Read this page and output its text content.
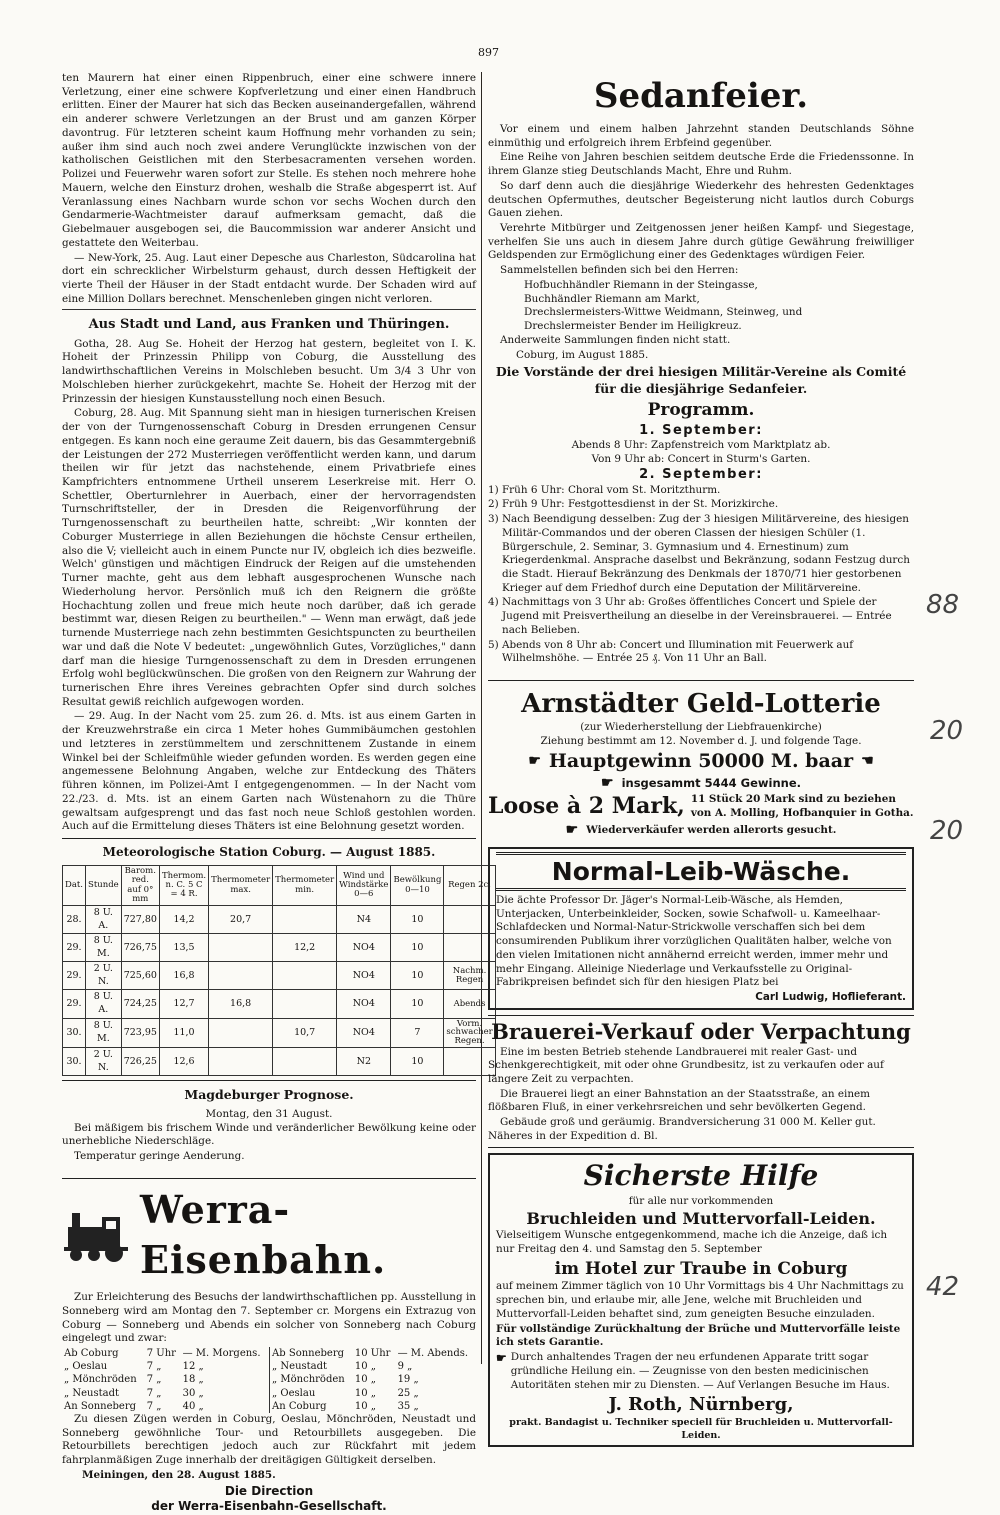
897

ten Maurern hat einer einen Rippenbruch, einer eine schwere innere Verletzung, einer eine schwere Kopfverletzung und einer einen Handbruch erlitten. Einer der Maurer hat sich das Becken auseinandergefallen, während ein anderer schwere Verletzungen an der Brust und am ganzen Körper davontrug. Für letzteren scheint kaum Hoffnung mehr vorhanden zu sein; außer ihm sind auch noch zwei andere Verunglückte inzwischen von der katholischen Geistlichen mit den Sterbesacramenten versehen worden. Polizei und Feuerwehr waren sofort zur Stelle. Es stehen noch mehrere hohe Mauern, welche den Einsturz drohen, weshalb die Straße abgesperrt ist. Auf Veranlassung eines Nachbarn wurde schon vor sechs Wochen durch den Gendarmerie-Wachtmeister darauf aufmerksam gemacht, daß die Giebelmauer ausgebogen sei, die Baucommission war anderer Ansicht und gestattete den Weiterbau.

— New-York, 25. Aug. Laut einer Depesche aus Charleston, Südcarolina hat dort ein schrecklicher Wirbelsturm gehaust, durch dessen Heftigkeit der vierte Theil der Häuser in der Stadt entdacht wurde. Der Schaden wird auf eine Million Dollars berechnet. Menschenleben gingen nicht verloren.

Aus Stadt und Land, aus Franken und Thüringen.

Gotha, 28. Aug Se. Hoheit der Herzog hat gestern, begleitet von I. K. Hoheit der Prinzessin Philipp von Coburg, die Ausstellung des landwirthschaftlichen Vereins in Molschleben besucht. Um 3/4 3 Uhr von Molschleben hierher zurückgekehrt, machte Se. Hoheit der Herzog mit der Prinzessin der hiesigen Kunstausstellung noch einen Besuch.

Coburg, 28. Aug. Mit Spannung sieht man in hiesigen turnerischen Kreisen der von der Turngenossenschaft Coburg in Dresden errungenen Censur entgegen. Es kann noch eine geraume Zeit dauern, bis das Gesammtergebniß der Leistungen der 272 Musterriegen veröffentlicht werden kann, und darum theilen wir für jetzt das nachstehende, einem Privatbriefe eines Kampfrichters entnommene Urtheil unserem Leserkreise mit. Herr O. Schettler, Oberturnlehrer in Auerbach, einer der hervorragendsten Turnschriftsteller, der in Dresden die Reigenvorführung der Turngenossenschaft zu beurtheilen hatte, schreibt: „Wir konnten der Coburger Musterriege in allen Beziehungen die höchste Censur ertheilen, also die V; vielleicht auch in einem Puncte nur IV, obgleich ich dies bezweifle. Welch' günstigen und mächtigen Eindruck der Reigen auf die umstehenden Turner machte, geht aus dem lebhaft ausgesprochenen Wunsche nach Wiederholung hervor. Persönlich muß ich den Reignern die größte Hochachtung zollen und freue mich heute noch darüber, daß ich gerade bestimmt war, diesen Reigen zu beurtheilen." — Wenn man erwägt, daß jede turnende Musterriege nach zehn bestimmten Gesichtspuncten zu beurtheilen war und daß die Note V bedeutet: „ungewöhnlich Gutes, Vorzügliches," dann darf man die hiesige Turngenossenschaft zu dem in Dresden errungenen Erfolg wohl beglückwünschen. Die großen von den Reignern zur Wahrung der turnerischen Ehre ihres Vereines gebrachten Opfer sind durch solches Resultat gewiß reichlich aufgewogen worden.

— 29. Aug. In der Nacht vom 25. zum 26. d. Mts. ist aus einem Garten in der Kreuzwehrstraße ein circa 1 Meter hohes Gummibäumchen gestohlen und letzteres in zerstümmeltem und zerschnittenem Zustande in einem Winkel bei der Schleifmühle wieder gefunden worden. Es werden gegen eine angemessene Belohnung Angaben, welche zur Entdeckung des Thäters führen können, im Polizei-Amt I entgegengenommen. — In der Nacht vom 22./23. d. Mts. ist an einem Garten nach Wüstenahorn zu die Thüre gewaltsam aufgesprengt und das fast noch neue Schloß gestohlen worden. Auch auf die Ermittelung dieses Thäters ist eine Belohnung gesetzt worden.

Meteorologische Station Coburg. — August 1885.
Dat.	Stunde	Barom. red. auf 0° mm	Thermom. n. C. 5 C = 4 R.	Thermometer max.	Thermometer min.	Wind und Windstärke 0—6	Bewölkung 0—10	Regen 2c.
28.	8 U. A.	727,80	14,2	20,7		N4	10	
29.	8 U. M.	726,75	13,5		12,2	NO4	10	
29.	2 U. N.	725,60	16,8			NO4	10	Nachm. Regen
29.	8 U. A.	724,25	12,7	16,8		NO4	10	Abends
30.	8 U. M.	723,95	11,0		10,7	NO4	7	Vorm. schwacher Regen.
30.	2 U. N.	726,25	12,6			N2	10	
Magdeburger Prognose.
Montag, den 31 August.

Bei mäßigem bis frischem Winde und veränderlicher Bewölkung keine oder unerhebliche Niederschläge.

Temperatur geringe Aenderung.

Werra-Eisenbahn.

Zur Erleichterung des Besuchs der landwirthschaftlichen pp. Ausstellung in Sonneberg wird am Montag den 7. September cr. Morgens ein Extrazug von Coburg — Sonneberg und Abends ein solcher von Sonneberg nach Coburg eingelegt und zwar:

Ab Coburg	7 Uhr	— M. Morgens.	Ab Sonneberg	10 Uhr	— M. Abends.
„ Oeslau	7 „	12 „	„ Neustadt	10 „	9 „
„ Mönchröden	7 „	18 „	„ Mönchröden	10 „	19 „
„ Neustadt	7 „	30 „	„ Oeslau	10 „	25 „
An Sonneberg	7 „	40 „	An Coburg	10 „	35 „

Zu diesen Zügen werden in Coburg, Oeslau, Mönchröden, Neustadt und Sonneberg gewöhnliche Tour- und Retourbillets ausgegeben. Die Retourbillets berechtigen jedoch auch zur Rückfahrt mit jedem fahrplanmäßigen Zuge innerhalb der dreitägigen Gültigkeit derselben.

Meiningen, den 28. August 1885.

Die Direction
der Werra-Eisenbahn-Gesellschaft.
Sedanfeier.

Vor einem und einem halben Jahrzehnt standen Deutschlands Söhne einmüthig und erfolgreich ihrem Erbfeind gegenüber.

Eine Reihe von Jahren beschien seitdem deutsche Erde die Friedenssonne. In ihrem Glanze stieg Deutschlands Macht, Ehre und Ruhm.

So darf denn auch die diesjährige Wiederkehr des hehresten Gedenktages deutschen Opfermuthes, deutscher Begeisterung nicht lautlos durch Coburgs Gauen ziehen.

Verehrte Mitbürger und Zeitgenossen jener heißen Kampf- und Siegestage, verhelfen Sie uns auch in diesem Jahre durch gütige Gewährung freiwilliger Geldspenden zur Ermöglichung einer des Gedenktages würdigen Feier.

Sammelstellen befinden sich bei den Herren:

Hofbuchhändler Riemann in der Steingasse,
Buchhändler Riemann am Markt,
Drechslermeisters-Wittwe Weidmann, Steinweg, und
Drechslermeister Bender im Heiligkreuz.

Anderweite Sammlungen finden nicht statt.

Coburg, im August 1885.

Die Vorstände der drei hiesigen Militär-Vereine als Comité für die diesjährige Sedanfeier.
Programm.
1. September:
Abends 8 Uhr: Zapfenstreich vom Marktplatz ab.
Von 9 Uhr ab: Concert in Sturm's Garten.
2. September:

1) Früh 6 Uhr: Choral vom St. Moritzthurm.

2) Früh 9 Uhr: Festgottesdienst in der St. Morizkirche.

3) Nach Beendigung desselben: Zug der 3 hiesigen Militärvereine, des hiesigen Militär-Commandos und der oberen Classen der hiesigen Schüler (1. Bürgerschule, 2. Seminar, 3. Gymnasium und 4. Ernestinum) zum Kriegerdenkmal. Ansprache daselbst und Bekränzung, sodann Festzug durch die Stadt. Hierauf Bekränzung des Denkmals der 1870/71 hier gestorbenen Krieger auf dem Friedhof durch eine Deputation der Militärvereine.

4) Nachmittags von 3 Uhr ab: Großes öffentliches Concert und Spiele der Jugend mit Preisvertheilung an dieselbe in der Vereinsbrauerei. — Entrée nach Belieben.

5) Abends von 8 Uhr ab: Concert und Illumination mit Feuerwerk auf Wilhelmshöhe. — Entrée 25 ₰. Von 11 Uhr an Ball.

Arnstädter Geld-Lotterie
(zur Wiederherstellung der Liebfrauenkirche)
Ziehung bestimmt am 12. November d. J. und folgende Tage.
☛ Hauptgewinn 50000 M. baar ☚
☛ insgesammt 5444 Gewinne.
Loose à 2 Mark, 11 Stück 20 Mark sind zu beziehen von A. Molling, Hofbanquier in Gotha.
☛ Wiederverkäufer werden allerorts gesucht.
Normal-Leib-Wäsche.

Die ächte Professor Dr. Jäger's Normal-Leib-Wäsche, als Hemden, Unterjacken, Unterbeinkleider, Socken, sowie Schafwoll- u. Kameelhaar-Schlafdecken und Normal-Natur-Strickwolle verschaffen sich bei dem consumirenden Publikum ihrer vorzüglichen Qualitäten halber, welche von den vielen Imitationen nicht annähernd erreicht werden, immer mehr und mehr Eingang. Alleinige Niederlage und Verkaufsstelle zu Original-Fabrikpreisen befindet sich für den hiesigen Platz bei

Carl Ludwig, Hoflieferant.
Brauerei-Verkauf oder Verpachtung

Eine im besten Betrieb stehende Landbrauerei mit realer Gast- und Schenkgerechtigkeit, mit oder ohne Grundbesitz, ist zu verkaufen oder auf längere Zeit zu verpachten.

Die Brauerei liegt an einer Bahnstation an der Staatsstraße, an einem flößbaren Fluß, in einer verkehrsreichen und sehr bevölkerten Gegend.

Gebäude groß und geräumig. Brandversicherung 31 000 M. Keller gut. Näheres in der Expedition d. Bl.

Sicherste Hilfe
für alle nur vorkommenden
Bruchleiden und Muttervorfall-Leiden.

Vielseitigem Wunsche entgegenkommend, mache ich die Anzeige, daß ich nur Freitag den 4. und Samstag den 5. September

im Hotel zur Traube in Coburg

auf meinem Zimmer täglich von 10 Uhr Vormittags bis 4 Uhr Nachmittags zu sprechen bin, und erlaube mir, alle Jene, welche mit Bruchleiden und Muttervorfall-Leiden behaftet sind, zum geneigten Besuche einzuladen.

Für vollständige Zurückhaltung der Brüche und Muttervorfälle leiste ich stets Garantie.

☛ Durch anhaltendes Tragen der neu erfundenen Apparate tritt sogar gründliche Heilung ein. — Zeugnisse von den besten medicinischen Autoritäten stehen mir zu Diensten. — Auf Verlangen Besuche im Haus.

J. Roth, Nürnberg,
prakt. Bandagist u. Techniker speciell für Bruchleiden u. Muttervorfall-Leiden.
88
20
20
42
